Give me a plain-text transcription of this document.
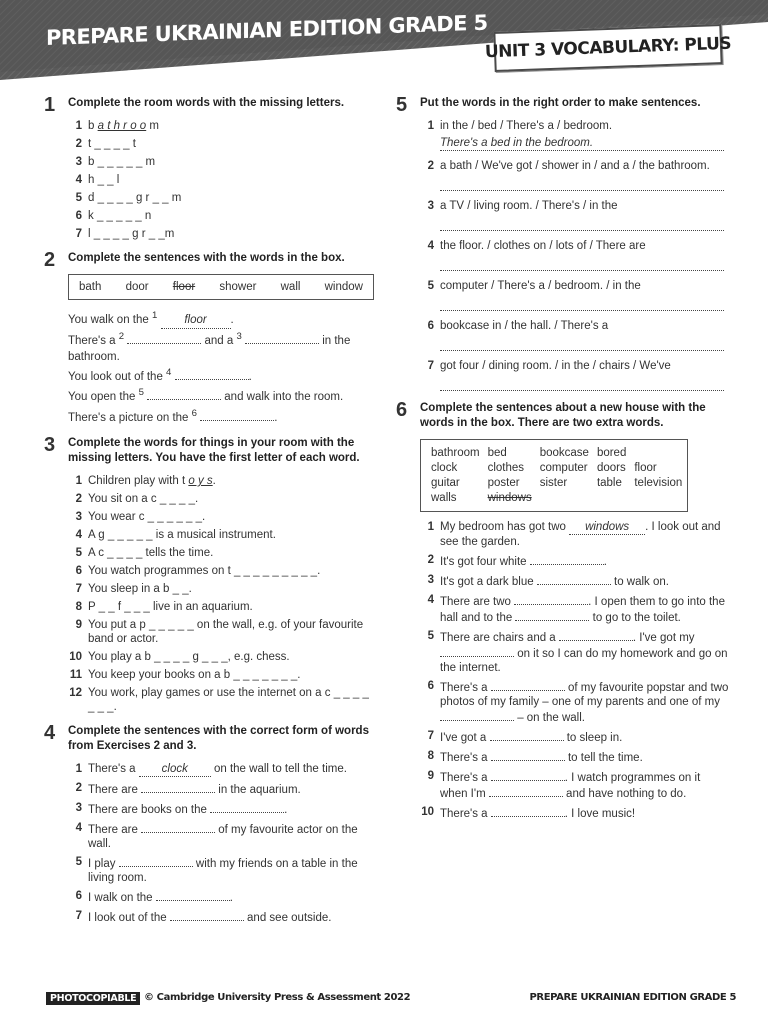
PREPARE UKRAINIAN EDITION GRADE 5
UNIT 3 VOCABULARY: PLUS
1 Complete the room words with the missing letters.
1 b a t h r o o m
2 t _ _ _ _ t
3 b _ _ _ _ _ m
4 h _ _ l
5 d _ _ _ _ g r _ _ m
6 k _ _ _ _ _ n
7 l _ _ _ _ g r _ _m
2 Complete the sentences with the words in the box.
bath door floor shower wall window
You walk on the $^1$ floor .
There's a $^2$	and a $^3$	in the
bathroom.
You look out of the $^4$	.
You open the $^5$	and walk into the room.
There's a picture on the $^6$	.
3 Complete the words for things in your room with the missing letters. You have the first letter of each word.
1 Children play with t o y s.
2 You sit on a c _ _ _ _.
3 You wear c _ _ _ _ _ _.
4 A g _ _ _ _ _ is a musical instrument.
5 A c _ _ _ _ tells the time.
6 You watch programmes on t _ _ _ _ _ _ _ _ _.
7 You sleep in a b _ _.
8 P _ _ f _ _ _ live in an aquarium.
9 You put a p _ _ _ _ _ on the wall, e.g. of your favourite band or actor.
10 You play a b _ _ _ _ g _ _ _, e.g. chess.
11 You keep your books on a b _ _ _ _ _ _ _.
12 You work, play games or use the internet on a c _ _ _ _ _ _ _.
4 Complete the sentences with the correct form of words from Exercises 2 and 3.
1 There's a clock on the wall to tell the time.
2 There are	in the aquarium.
3 There are books on the	.
4 There are	of my favourite actor on the wall.
5 I play	with my friends on a table in the living room.
6 I walk on the	.
7 I look out of the	and see outside.
5 Put the words in the right order to make sentences.
1 in the / bed / There's a / bedroom.
There's a bed in the bedroom.
2 a bath / We've got / shower in / and a / the bathroom.
3 a TV / living room. / There's / in the
4 the floor. / clothes on / lots of / There are
5 computer / There's a / bedroom. / in the
6 bookcase in / the hall. / There's a
7 got four / dining room. / in the / chairs / We've
6 Complete the sentences about a new house with the words in the box. There are two extra words.
bathroom bed	bookcase bored
clock	clothes	computer doors floor
guitar	poster	sister	table	television
walls	windows
1 My bedroom has got two windows . I look out and see the garden.
2 It's got four white	.
3 It's got a dark blue	to walk on.
4 There are two	. I open them to go into the hall and to the	to go to the toilet.
5 There are chairs and a	. I've got my  on it so I can do my homework and go on the internet.
6 There's a	of my favourite popstar and two photos of my family – one of my parents and one of my  – on the wall.
7 I've got a	to sleep in.
8 There's a	to tell the time.
9 There's a	. I watch programmes on it when I'm	and have nothing to do.
10 There's a	. I love music!
PHOTOCOPIABLE © Cambridge University Press & Assessment 2022	PREPARE UKRAINIAN EDITION GRADE 5
